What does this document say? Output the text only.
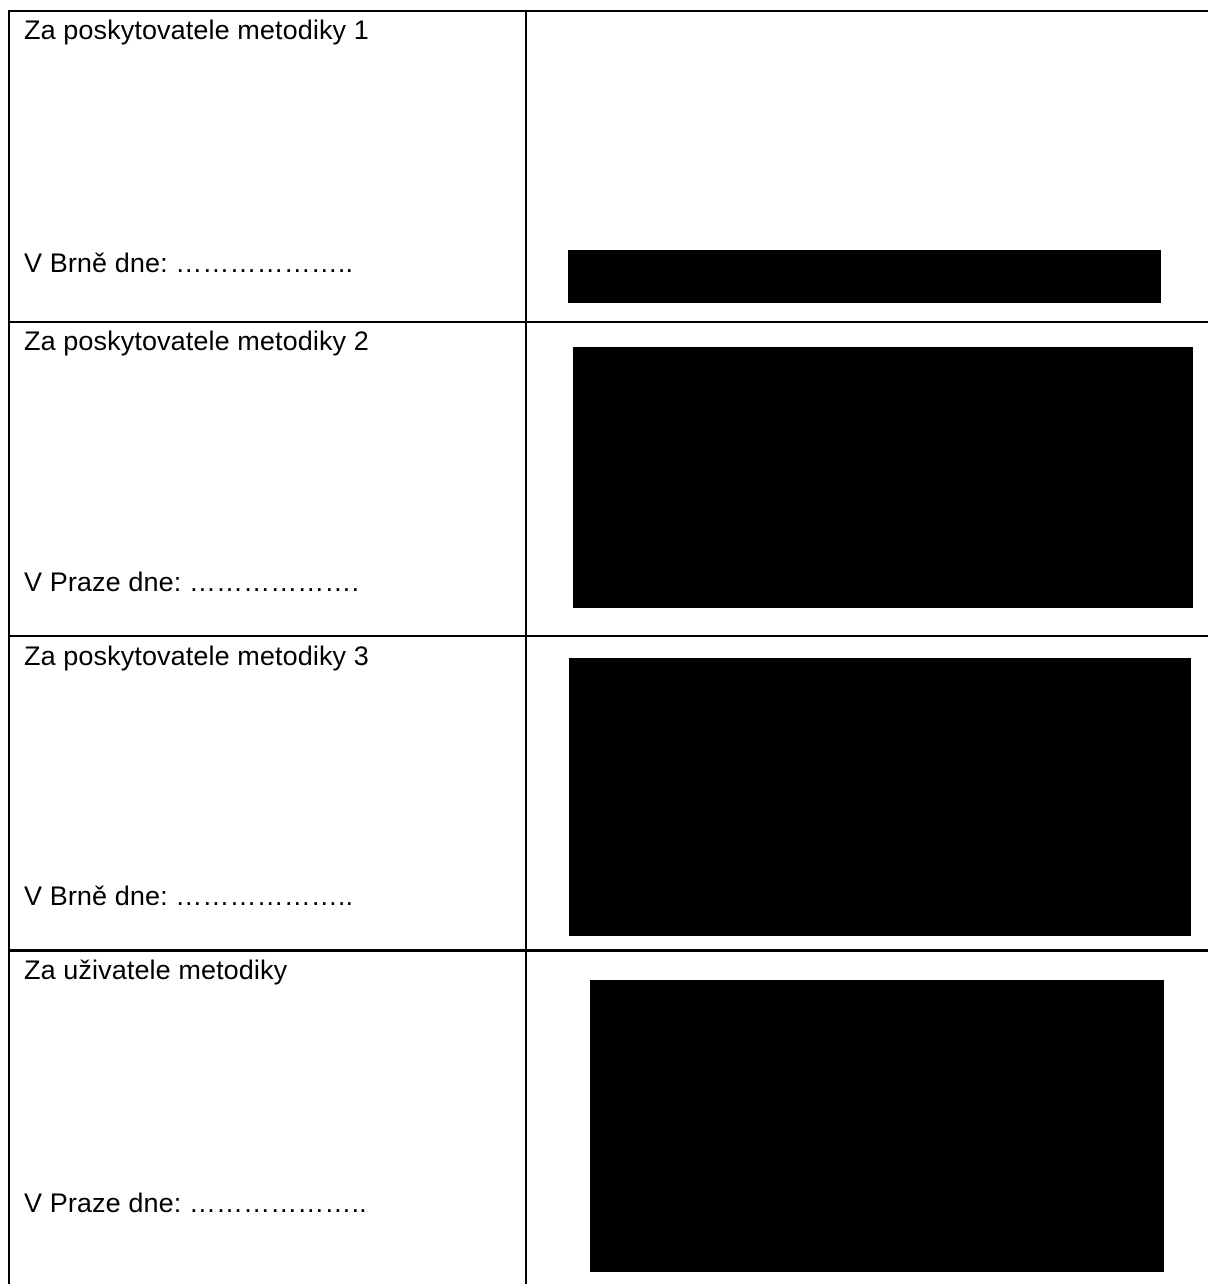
Za poskytovatele metodiky 1
V Brně dne: ………………..
Za poskytovatele metodiky 2
V Praze dne: ……………….
Za poskytovatele metodiky 3
V Brně dne: ………………..
Za uživatele metodiky
V Praze dne: ………………..
